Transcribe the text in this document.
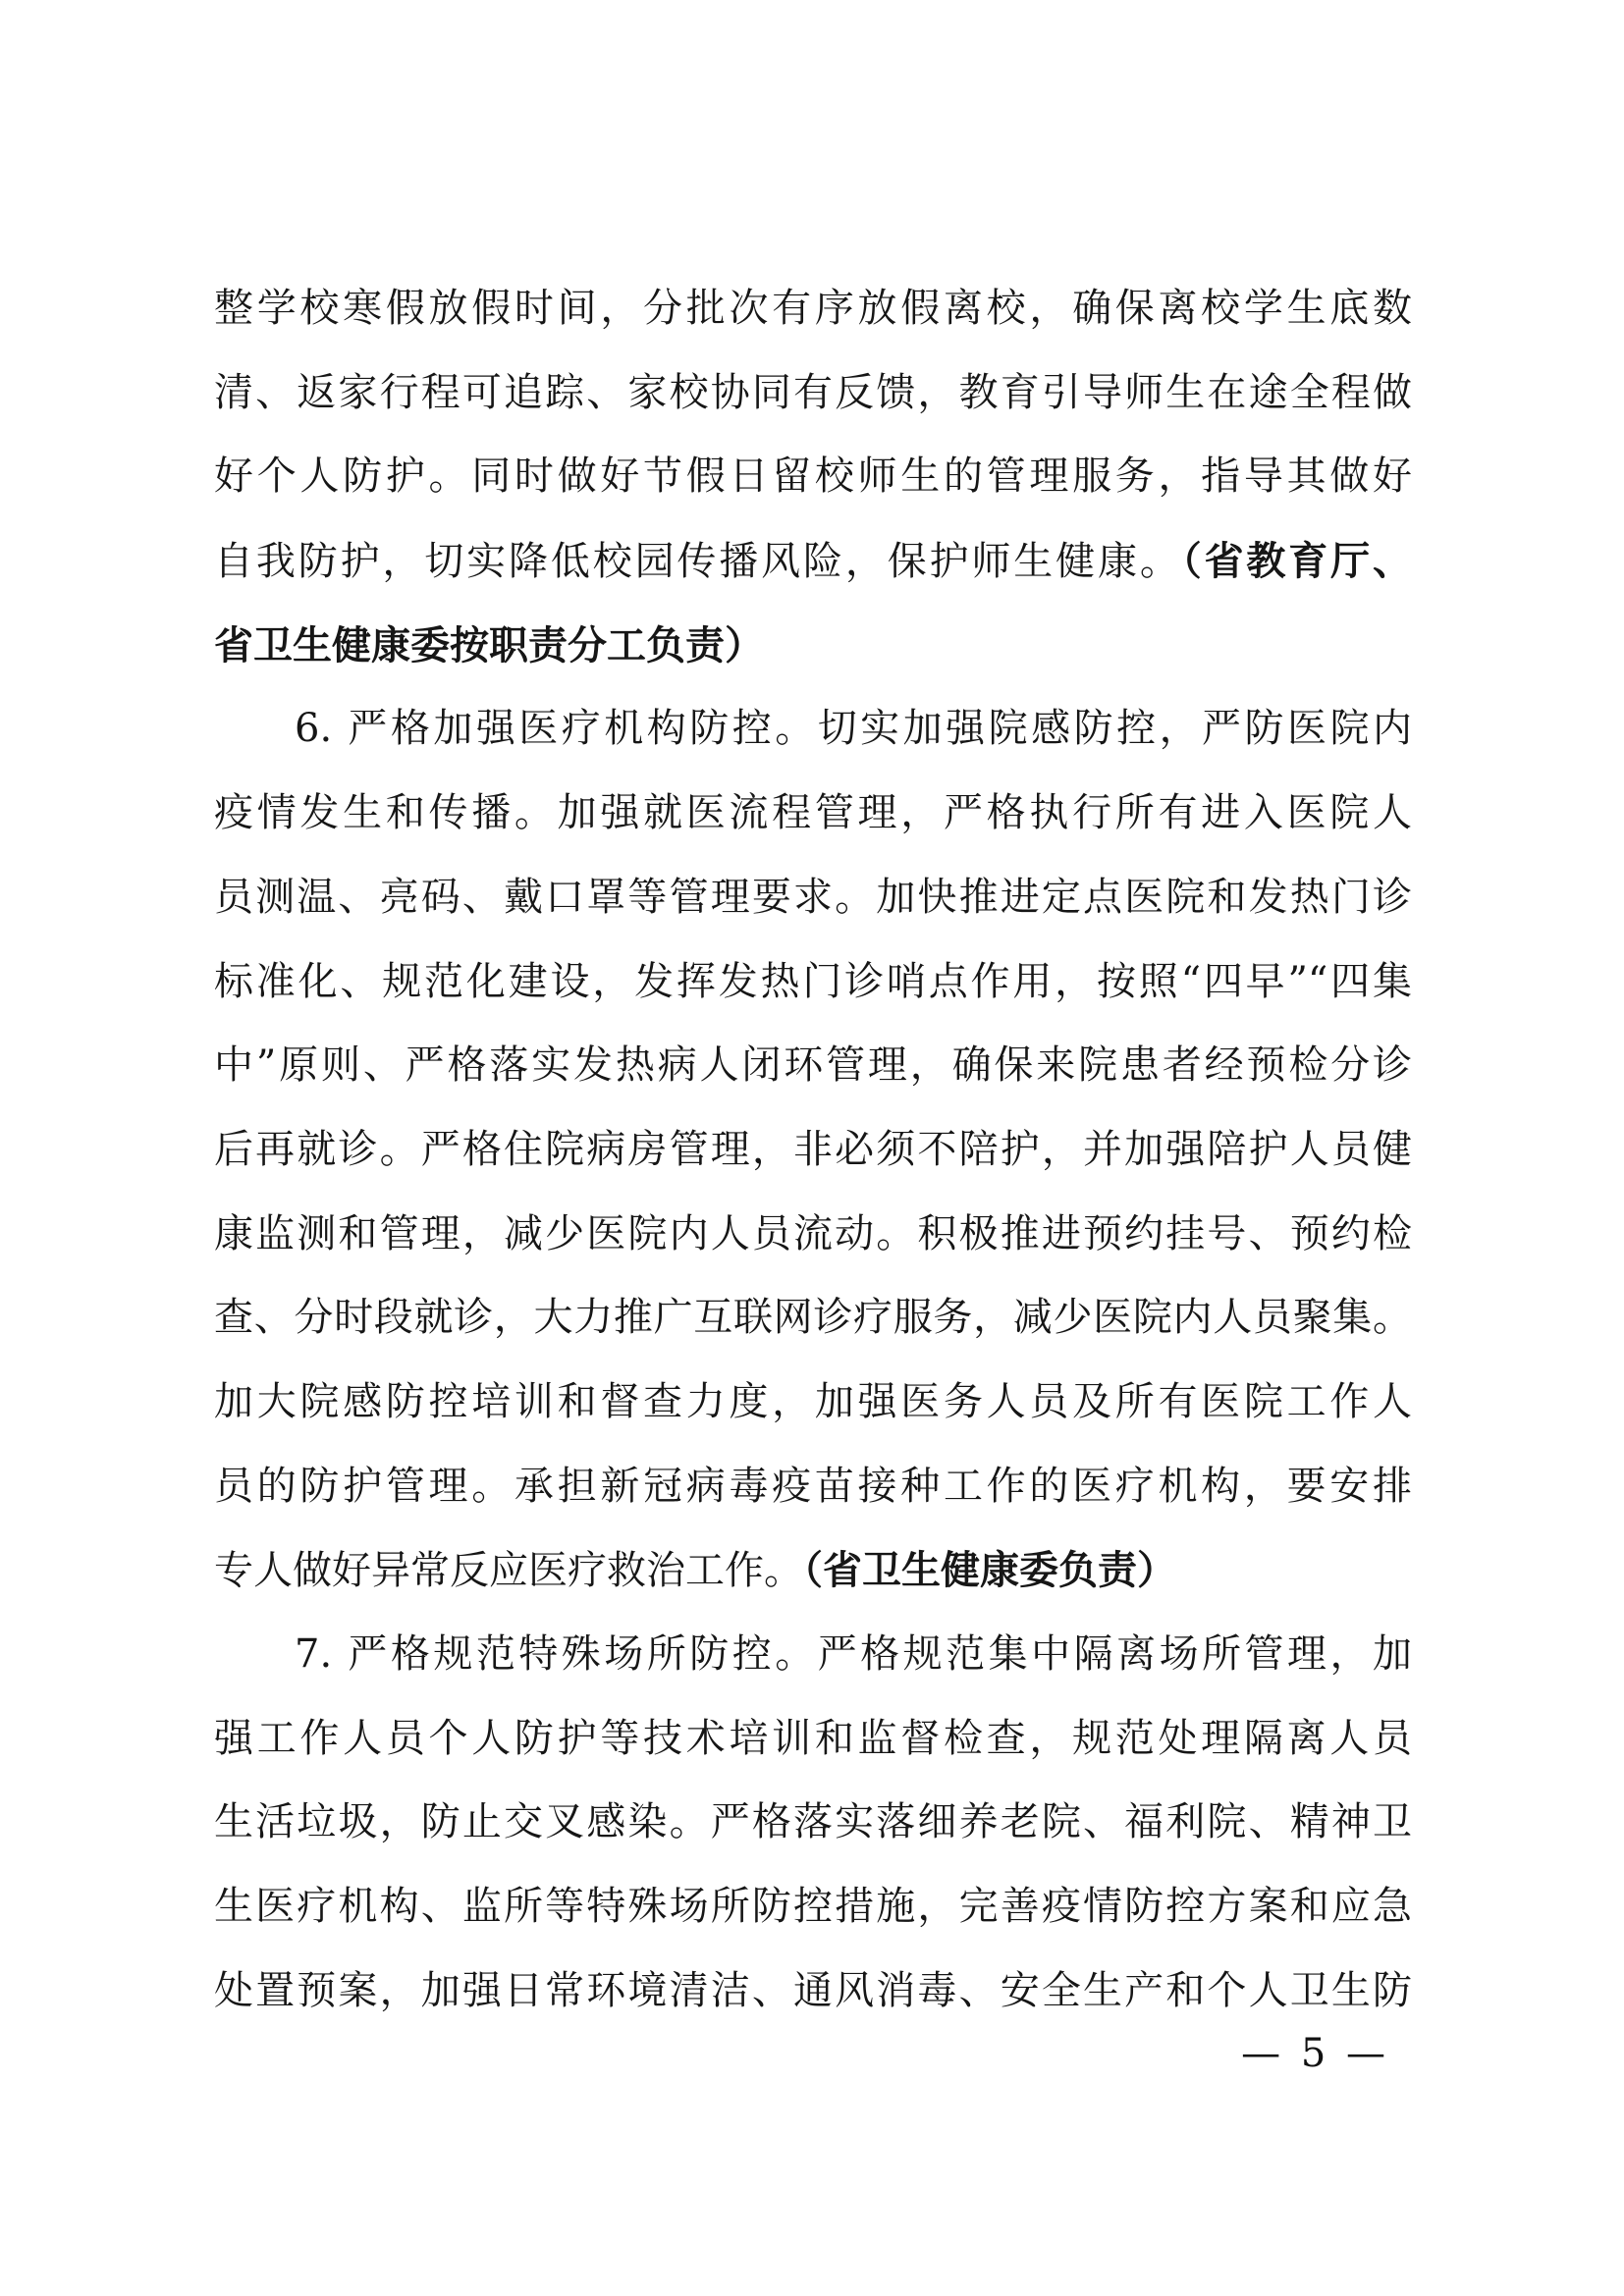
整学校寒假放假时间，分批次有序放假离校，确保离校学生底数
清、返家行程可追踪、家校协同有反馈，教育引导师生在途全程做
好个人防护。同时做好节假日留校师生的管理服务，指导其做好
自我防护，切实降低校园传播风险，保护师生健康。（省教育厅、
省卫生健康委按职责分工负责）
6. 严格加强医疗机构防控。切实加强院感防控，严防医院内
疫情发生和传播。加强就医流程管理，严格执行所有进入医院人
员测温、亮码、戴口罩等管理要求。加快推进定点医院和发热门诊
标准化、规范化建设，发挥发热门诊哨点作用，按照“四早”“四集
中”原则、严格落实发热病人闭环管理，确保来院患者经预检分诊
后再就诊。严格住院病房管理，非必须不陪护，并加强陪护人员健
康监测和管理，减少医院内人员流动。积极推进预约挂号、预约检
查、分时段就诊，大力推广互联网诊疗服务，减少医院内人员聚集。
加大院感防控培训和督查力度，加强医务人员及所有医院工作人
员的防护管理。承担新冠病毒疫苗接种工作的医疗机构，要安排
专人做好异常反应医疗救治工作。（省卫生健康委负责）
7. 严格规范特殊场所防控。严格规范集中隔离场所管理，加
强工作人员个人防护等技术培训和监督检查，规范处理隔离人员
生活垃圾，防止交叉感染。严格落实落细养老院、福利院、精神卫
生医疗机构、监所等特殊场所防控措施，完善疫情防控方案和应急
处置预案，加强日常环境清洁、通风消毒、安全生产和个人卫生防
— 5 —
